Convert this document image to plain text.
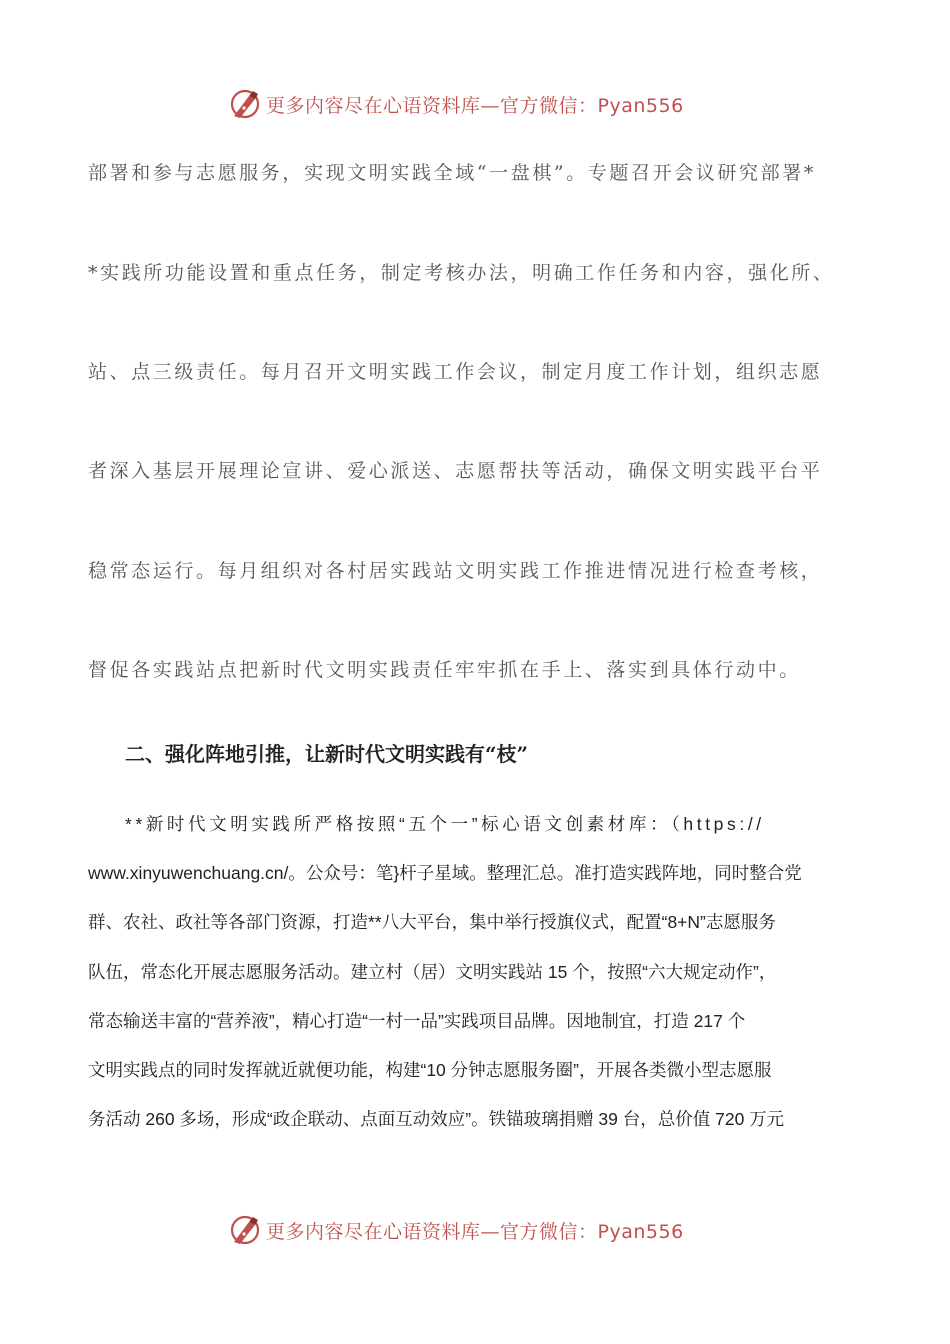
更多内容尽在心语资料库—官方微信：Pyan556

部署和参与志愿服务，实现文明实践全域“一盘棋”。专题召开会议研究部署*

*实践所功能设置和重点任务，制定考核办法，明确工作任务和内容，强化所、

站、点三级责任。每月召开文明实践工作会议，制定月度工作计划，组织志愿

者深入基层开展理论宣讲、爱心派送、志愿帮扶等活动，确保文明实践平台平

稳常态运行。每月组织对各村居实践站文明实践工作推进情况进行检查考核，

督促各实践站点把新时代文明实践责任牢牢抓在手上、落实到具体行动中。

二、强化阵地引推，让新时代文明实践有“枝”

**新时代文明实践所严格按照“五个一”标心语文创素材库：（https://

www.xinyuwenchuang.cn/。公众号：笔}杆子星域。整理汇总。准打造实践阵地，同时整合党

群、农社、政社等各部门资源，打造**八大平台，集中举行授旗仪式，配置“8+N”志愿服务

队伍，常态化开展志愿服务活动。建立村（居）文明实践站 15 个，按照“六大规定动作”，

常态输送丰富的“营养液”，精心打造“一村一品”实践项目品牌。因地制宜，打造 217 个

文明实践点的同时发挥就近就便功能，构建“10 分钟志愿服务圈”，开展各类微小型志愿服

务活动 260 多场，形成“政企联动、点面互动效应”。铁锚玻璃捐赠 39 台，总价值 720 万元

更多内容尽在心语资料库—官方微信：Pyan556
